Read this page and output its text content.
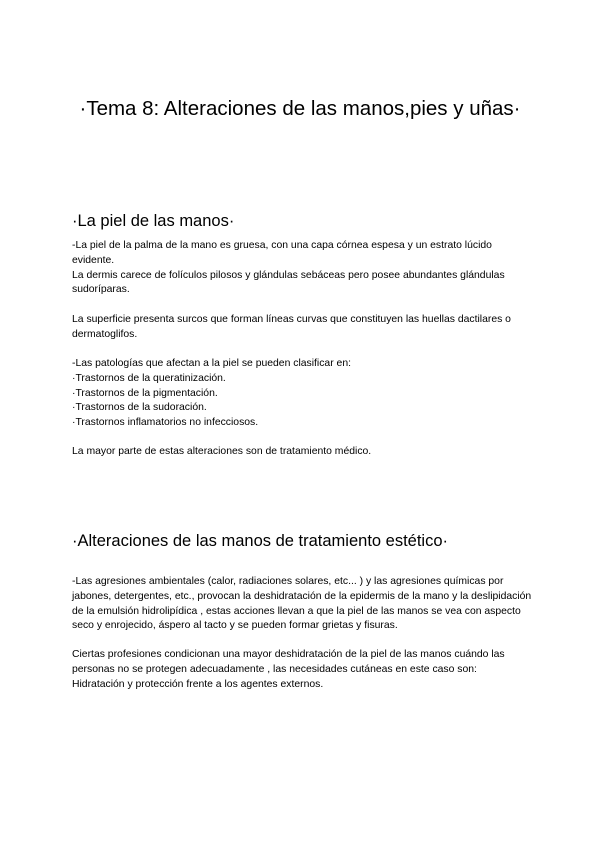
·Tema 8: Alteraciones de las manos,pies y uñas·
·La piel de las manos·

-La piel de la palma de la mano es gruesa, con una capa córnea espesa y un estrato lúcido evidente.

La dermis carece de folículos pilosos y glándulas sebáceas pero posee abundantes glándulas sudoríparas.

La superficie presenta surcos que forman líneas curvas que constituyen las huellas dactilares o dermatoglifos.

-Las patologías que afectan a la piel se pueden clasificar en:

·Trastornos de la queratinización.

·Trastornos de la pigmentación.

·Trastornos de la sudoración.

·Trastornos inflamatorios no infecciosos.

La mayor parte de estas alteraciones son de tratamiento médico.

·Alteraciones de las manos de tratamiento estético·

-Las agresiones ambientales (calor, radiaciones solares, etc... ) y las agresiones químicas por jabones, detergentes, etc., provocan la deshidratación de la epidermis de la mano y la deslipidación de la emulsión hidrolipídica , estas acciones llevan a que la piel de las manos se vea con aspecto seco y enrojecido, áspero al tacto y se pueden formar grietas y fisuras.

Ciertas profesiones condicionan una mayor deshidratación de la piel de las manos cuándo las personas no se protegen adecuadamente , las necesidades cutáneas en este caso son: Hidratación y protección frente a los agentes externos.
